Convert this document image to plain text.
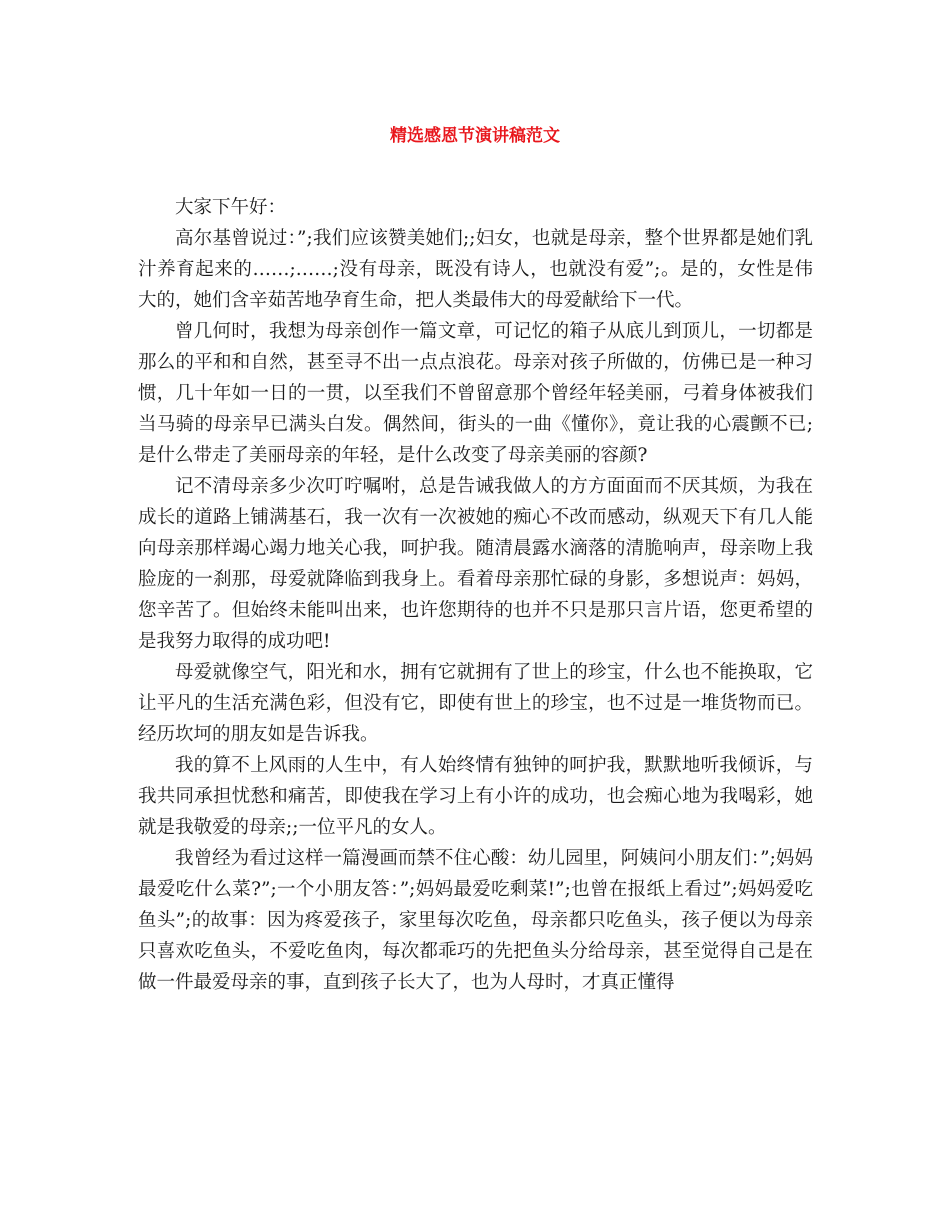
精选感恩节演讲稿范文

大家下午好：

高尔基曾说过：”;我们应该赞美她们;;妇女，也就是母亲，整个世界都是她们乳汁养育起来的……;……;没有母亲，既没有诗人，也就没有爱”;。是的，女性是伟大的，她们含辛茹苦地孕育生命，把人类最伟大的母爱献给下一代。

曾几何时，我想为母亲创作一篇文章，可记忆的箱子从底儿到顶儿，一切都是那么的平和和自然，甚至寻不出一点点浪花。母亲对孩子所做的，仿佛已是一种习惯，几十年如一日的一贯，以至我们不曾留意那个曾经年轻美丽，弓着身体被我们当马骑的母亲早已满头白发。偶然间，街头的一曲《懂你》，竟让我的心震颤不已;是什么带走了美丽母亲的年轻，是什么改变了母亲美丽的容颜?

记不清母亲多少次叮咛嘱咐，总是告诫我做人的方方面面而不厌其烦，为我在成长的道路上铺满基石，我一次有一次被她的痴心不改而感动，纵观天下有几人能向母亲那样竭心竭力地关心我，呵护我。随清晨露水滴落的清脆响声，母亲吻上我脸庞的一刹那，母爱就降临到我身上。看着母亲那忙碌的身影，多想说声：妈妈，您辛苦了。但始终未能叫出来，也许您期待的也并不只是那只言片语，您更希望的是我努力取得的成功吧!

母爱就像空气，阳光和水，拥有它就拥有了世上的珍宝，什么也不能换取，它让平凡的生活充满色彩，但没有它，即使有世上的珍宝，也不过是一堆货物而已。经历坎坷的朋友如是告诉我。

我的算不上风雨的人生中，有人始终情有独钟的呵护我，默默地听我倾诉，与我共同承担忧愁和痛苦，即使我在学习上有小许的成功，也会痴心地为我喝彩，她就是我敬爱的母亲;;一位平凡的女人。

我曾经为看过这样一篇漫画而禁不住心酸：幼儿园里，阿姨问小朋友们：”;妈妈最爱吃什么菜?”;一个小朋友答：”;妈妈最爱吃剩菜!”;也曾在报纸上看过”;妈妈爱吃鱼头”;的故事：因为疼爱孩子，家里每次吃鱼，母亲都只吃鱼头，孩子便以为母亲只喜欢吃鱼头，不爱吃鱼肉，每次都乖巧的先把鱼头分给母亲，甚至觉得自己是在做一件最爱母亲的事，直到孩子长大了，也为人母时，才真正懂得
